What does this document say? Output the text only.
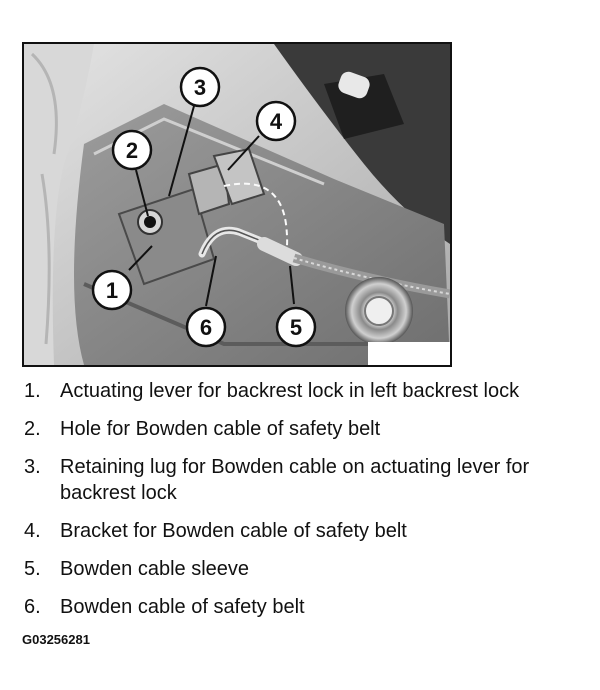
3
4
2
1
6	5
1. Actuating lever for backrest lock in left backrest lock
2. Hole for Bowden cable of safety belt
3. Retaining lug for Bowden cable on actuating lever for backrest lock
4. Bracket for Bowden cable of safety belt
5. Bowden cable sleeve
6. Bowden cable of safety belt
G03256281
